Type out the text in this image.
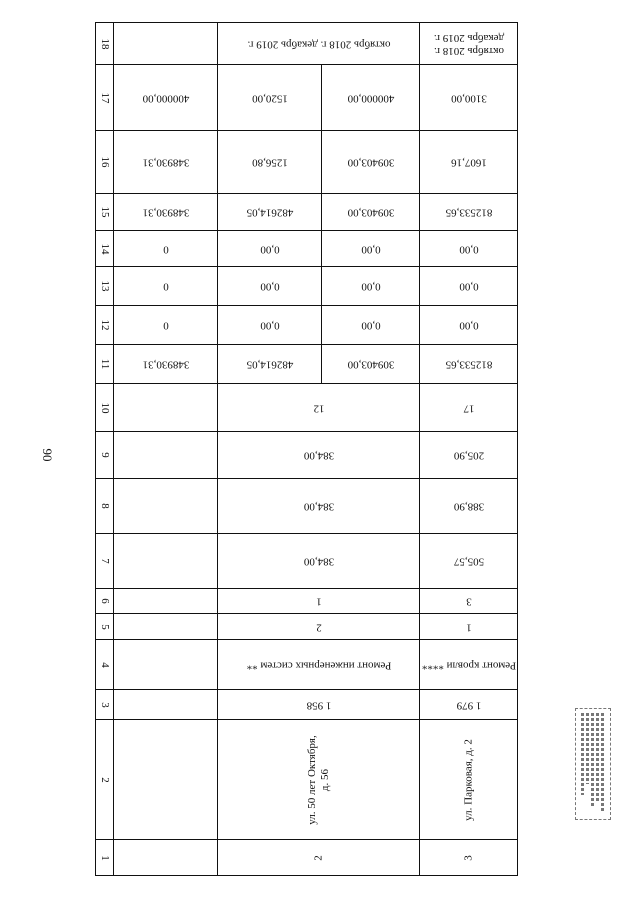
90
18		октябрь 2018 г. декабрь 2019 г.		октябрь 2018 г. декабрь 2019 г.

17	400000,00	1520,00	400000,00	3100,00

16	348930,31	1256,80	309403,00	1607,16

15	348930,31	482614,05	309403,00	812533,65

14	0	0,00	0,00	0,00

13	0	0,00	0,00	0,00

12	0	0,00	0,00	0,00

11	348930,31	482614,05	309403,00	812533,65

10		12		17

9		384,00		205,90

8		384,00		388,90

7		384,00		505,57

6		1		3

5		2		1

4		Ремонт инженерных систем **		Ремонт кровли ****

3		1 958		1 979

2		ул. 50 лет Октября, д. 56		ул. Парковая, д. 2

1		2		3
